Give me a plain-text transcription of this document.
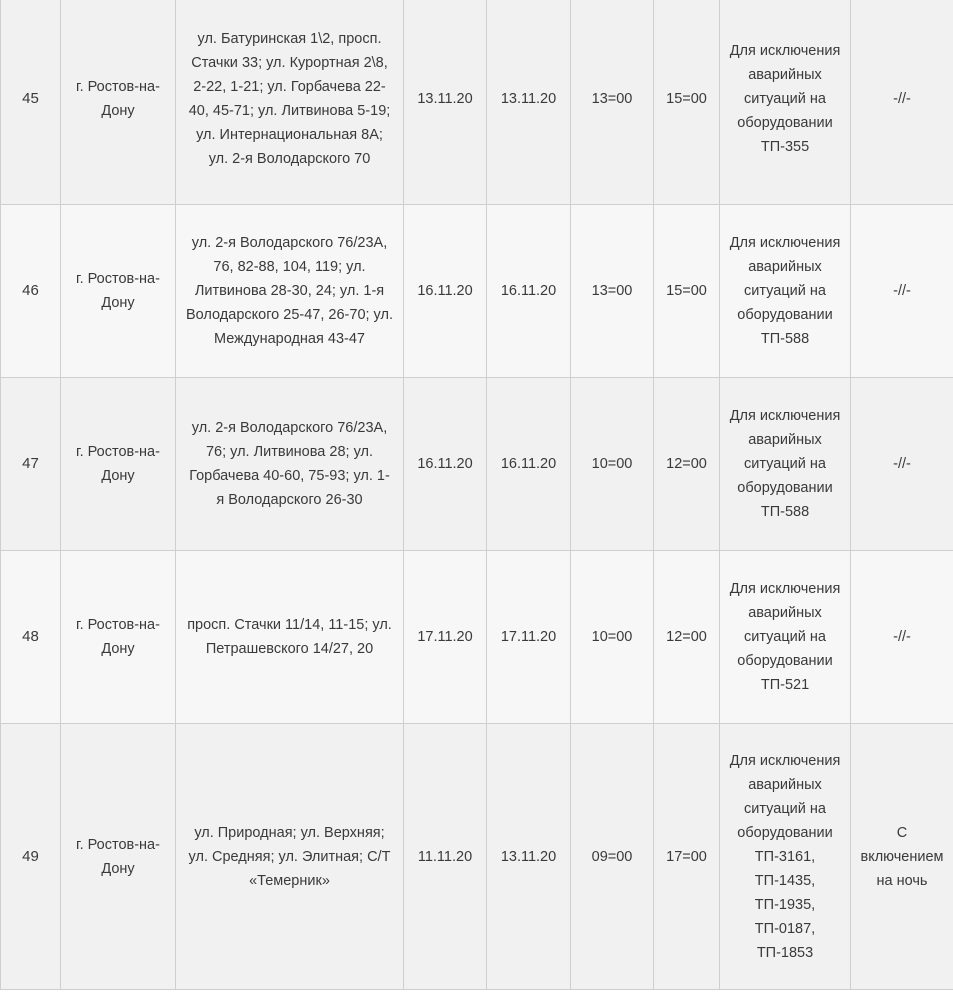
45	г. Ростов-на-Дону	ул. Батуринская 1\2, просп. Стачки 33; ул. Курортная 2\8, 2-22, 1-21; ул. Горбачева 22-40, 45-71; ул. Литвинова 5-19; ул. Интернациональная 8А; ул. 2-я Володарского 70	13.11.20	13.11.20	13=00	15=00	Для исключения аварийных ситуаций на оборудовании ТП-355	-//-
46	г. Ростов-на-Дону	ул. 2-я Володарского 76/23А, 76, 82-88, 104, 119; ул. Литвинова 28-30, 24; ул. 1-я Володарского 25-47, 26-70; ул. Международная 43-47	16.11.20	16.11.20	13=00	15=00	Для исключения аварийных ситуаций на оборудовании ТП-588	-//-
47	г. Ростов-на-Дону	ул. 2-я Володарского 76/23А, 76; ул. Литвинова 28; ул. Горбачева 40-60, 75-93; ул. 1-я Володарского 26-30	16.11.20	16.11.20	10=00	12=00	Для исключения аварийных ситуаций на оборудовании ТП-588	-//-
48	г. Ростов-на-Дону	просп. Стачки 11/14, 11-15; ул. Петрашевского 14/27, 20	17.11.20	17.11.20	10=00	12=00	Для исключения аварийных ситуаций на оборудовании ТП-521	-//-
49	г. Ростов-на-Дону	ул. Природная; ул. Верхняя; ул. Средняя; ул. Элитная; С/Т «Темерник»	11.11.20	13.11.20	09=00	17=00	Для исключения аварийных ситуаций на оборудовании ТП-3161, ТП-1435, ТП-1935, ТП-0187, ТП-1853	С включением на ночь
